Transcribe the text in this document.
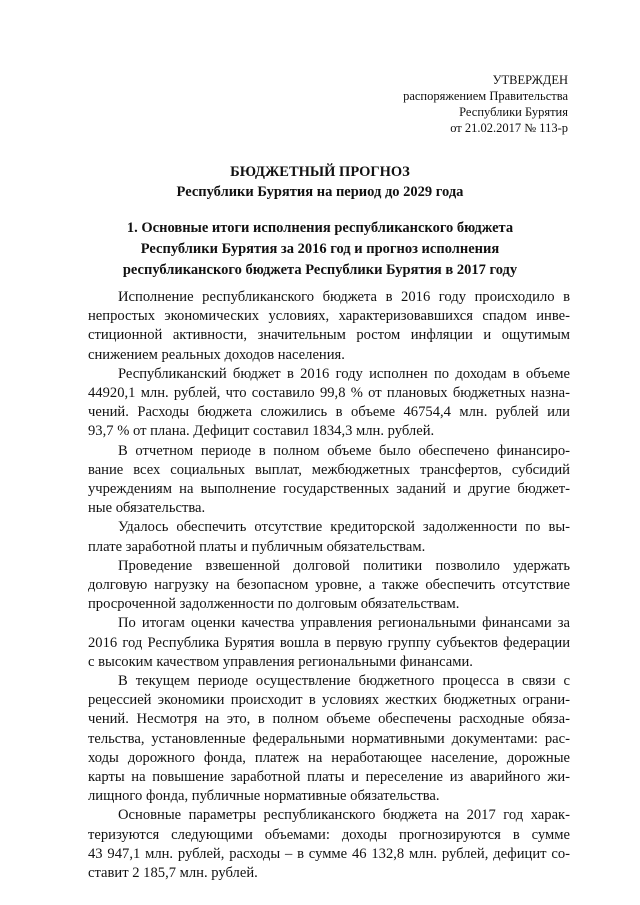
УТВЕРЖДЕН
распоряжением Правительства
Республики Бурятия
от 21.02.2017 № 113-р
БЮДЖЕТНЫЙ ПРОГНОЗ
Республики Бурятия на период до 2029 года
1. Основные итоги исполнения республиканского бюджета
Республики Бурятия за 2016 год и прогноз исполнения
республиканского бюджета Республики Бурятия в 2017 году

Исполнение республиканского бюджета в 2016 году происходило в
непростых экономических условиях, характеризовавшихся спадом инве-
стиционной активности, значительным ростом инфляции и ощутимым
снижением реальных доходов населения.

Республиканский бюджет в 2016 году исполнен по доходам в объеме
44920,1 млн. рублей, что составило 99,8 % от плановых бюджетных назна-
чений. Расходы бюджета сложились в объеме 46754,4 млн. рублей или
93,7 % от плана. Дефицит составил 1834,3 млн. рублей.

В отчетном периоде в полном объеме было обеспечено финансиро-
вание всех социальных выплат, межбюджетных трансфертов, субсидий
учреждениям на выполнение государственных заданий и другие бюджет-
ные обязательства.

Удалось обеспечить отсутствие кредиторской задолженности по вы-
плате заработной платы и публичным обязательствам.

Проведение взвешенной долговой политики позволило удержать
долговую нагрузку на безопасном уровне, а также обеспечить отсутствие
просроченной задолженности по долговым обязательствам.

По итогам оценки качества управления региональными финансами за
2016 год Республика Бурятия вошла в первую группу субъектов федерации
с высоким качеством управления региональными финансами.

В текущем периоде осуществление бюджетного процесса в связи с
рецессией экономики происходит в условиях жестких бюджетных ограни-
чений. Несмотря на это, в полном объеме обеспечены расходные обяза-
тельства, установленные федеральными нормативными документами: рас-
ходы дорожного фонда, платеж на неработающее население, дорожные
карты на повышение заработной платы и переселение из аварийного жи-
лищного фонда, публичные нормативные обязательства.

Основные параметры республиканского бюджета на 2017 год харак-
теризуются следующими объемами: доходы прогнозируются в сумме
43 947,1 млн. рублей, расходы – в сумме 46 132,8 млн. рублей, дефицит со-
ставит 2 185,7 млн. рублей.
